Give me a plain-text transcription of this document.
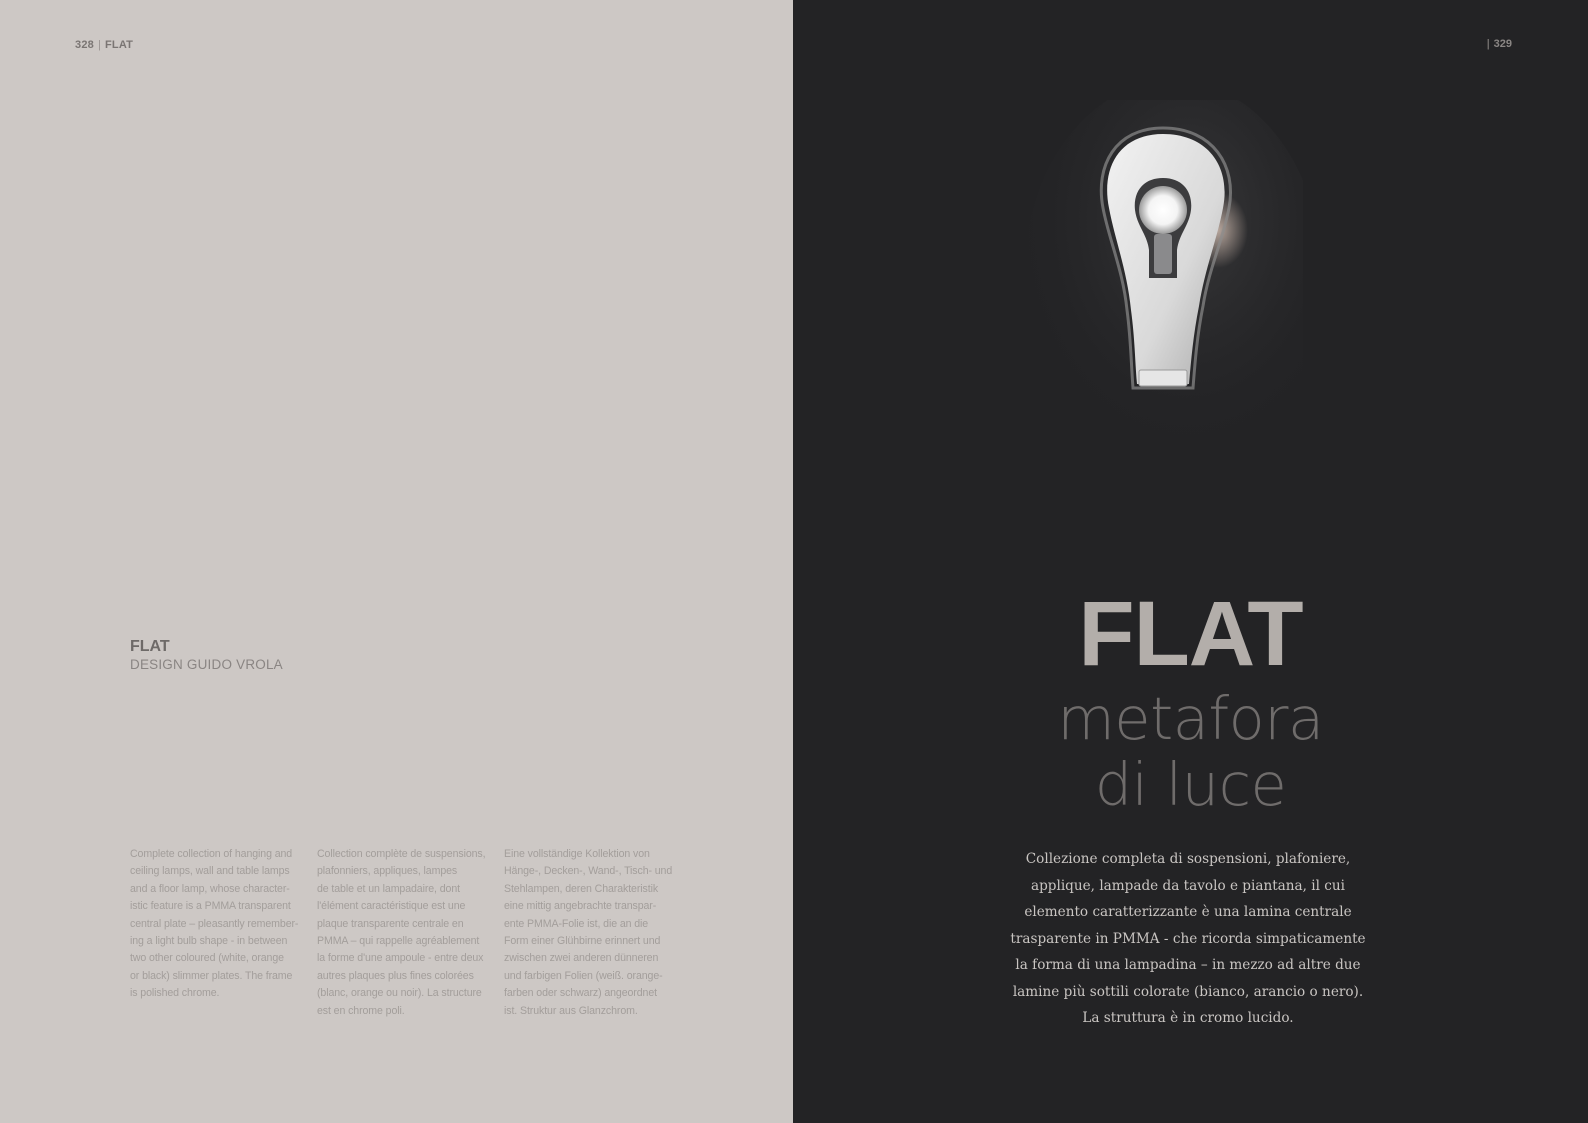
328 | FLAT
FLAT
DESIGN GUIDO VROLA
Complete collection of hanging and
ceiling lamps, wall and table lamps
and a floor lamp, whose character-
istic feature is a PMMA transparent
central plate – pleasantly remember-
ing a light bulb shape - in between
two other coloured (white, orange
or black) slimmer plates. The frame
is polished chrome.
Collection complète de suspensions,
plafonniers, appliques, lampes
de table et un lampadaire, dont
l'élément caractéristique est une
plaque transparente centrale en
PMMA – qui rappelle agréablement
la forme d'une ampoule - entre deux
autres plaques plus fines colorées
(blanc, orange ou noir). La structure
est en chrome poli.
Eine vollständige Kollektion von
Hänge-, Decken-, Wand-, Tisch- und
Stehlampen, deren Charakteristik
eine mittig angebrachte transpar-
ente PMMA-Folie ist, die an die
Form einer Glühbirne erinnert und
zwischen zwei anderen dünneren
und farbigen Folien (weiß. orange-
farben oder schwarz) angeordnet
ist. Struktur aus Glanzchrom.
| 329
FLAT
metafora
di luce
Collezione completa di sospensioni, plafoniere,
applique, lampade da tavolo e piantana, il cui
elemento caratterizzante è una lamina centrale
trasparente in PMMA - che ricorda simpaticamente
la forma di una lampadina – in mezzo ad altre due
lamine più sottili colorate (bianco, arancio o nero).
La struttura è in cromo lucido.
